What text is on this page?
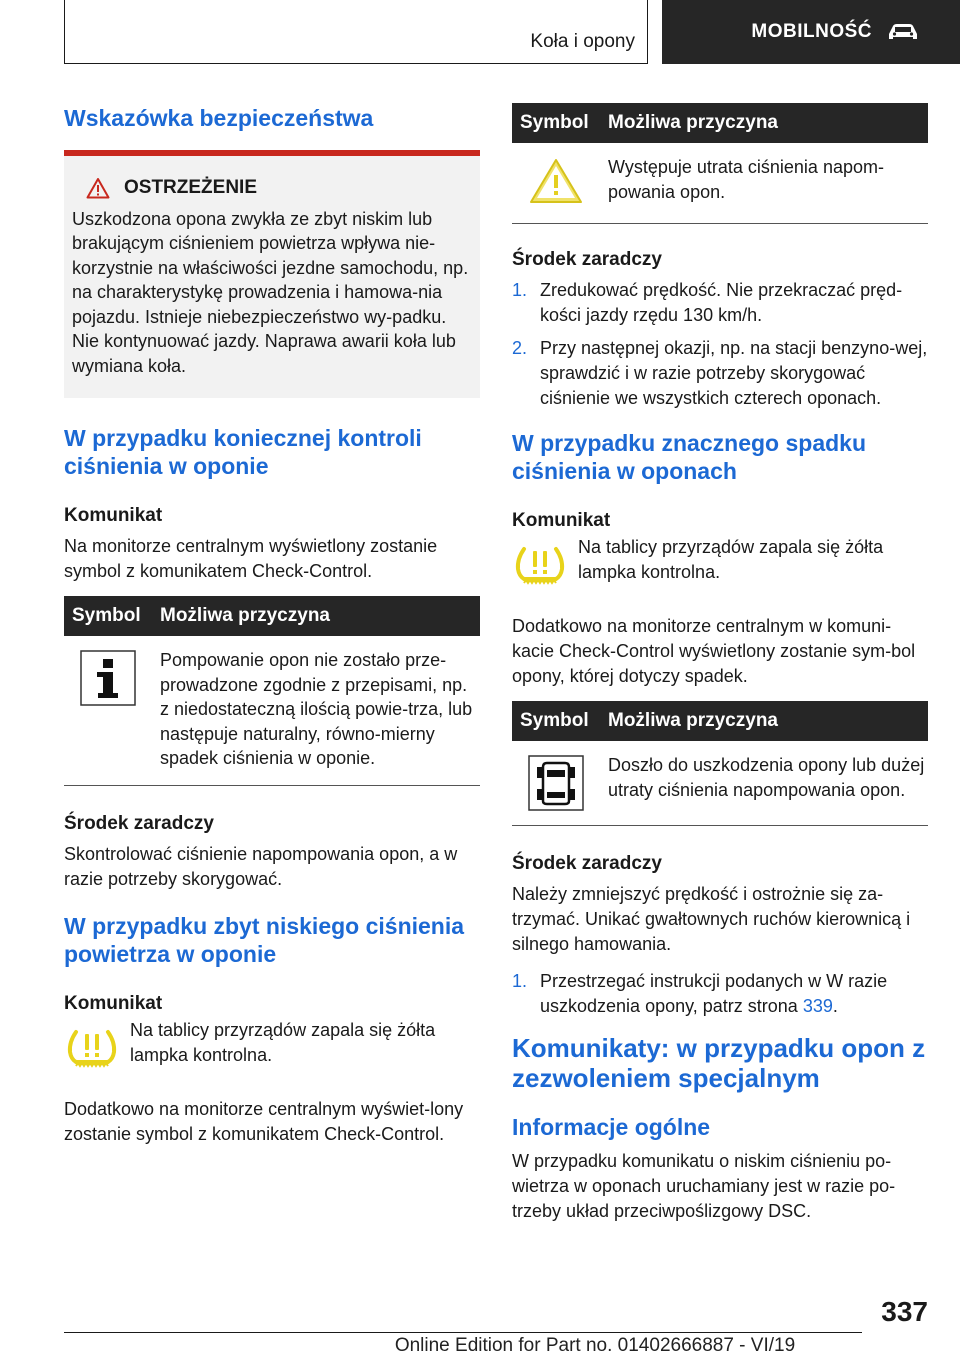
Koła i opony	MOBILNOŚĆ
Wskazówka bezpieczeństwa
OSTRZEŻENIE
Uszkodzona opona zwykła ze zbyt niskim lub brakującym ciśnieniem powietrza wpływa nie-korzystnie na właściwości jezdne samochodu, np. na charakterystykę prowadzenia i hamowa-nia pojazdu. Istnieje niebezpieczeństwo wy-padku. Nie kontynuować jazdy. Naprawa awarii koła lub wymiana koła.
W przypadku koniecznej kontroli ciśnienia w oponie

Komunikat

Na monitorze centralnym wyświetlony zostanie symbol z komunikatem Check-Control.

Symbol	Możliwa przyczyna
Pompowanie opon nie zostało prze-prowadzone zgodnie z przepisami, np. z niedostateczną ilością powie-trza, lub następuje naturalny, równo-mierny spadek ciśnienia w oponie.

Środek zaradczy

Skontrolować ciśnienie napompowania opon, a w razie potrzeby skorygować.

W przypadku zbyt niskiego ciśnienia powietrza w oponie

Komunikat

Na tablicy przyrządów zapala się żółta lampka kontrolna.

Dodatkowo na monitorze centralnym wyświet-lony zostanie symbol z komunikatem Check-Control.

Symbol	Możliwa przyczyna
Występuje utrata ciśnienia napom-powania opon.

Środek zaradczy

1. Zredukować prędkość. Nie przekraczać pręd-kości jazdy rzędu 130 km/h.
2. Przy następnej okazji, np. na stacji benzyno-wej, sprawdzić i w razie potrzeby skorygować ciśnienie we wszystkich czterech oponach.
W przypadku znacznego spadku ciśnienia w oponach

Komunikat

Na tablicy przyrządów zapala się żółta lampka kontrolna.

Dodatkowo na monitorze centralnym w komuni-kacie Check-Control wyświetlony zostanie sym-bol opony, której dotyczy spadek.

Symbol	Możliwa przyczyna
Doszło do uszkodzenia opony lub dużej utraty ciśnienia napompowania opon.

Środek zaradczy

Należy zmniejszyć prędkość i ostrożnie się za-trzymać. Unikać gwałtownych ruchów kierownicą i silnego hamowania.

1. Przestrzegać instrukcji podanych w W razie uszkodzenia opony, patrz strona 339.
Komunikaty: w przypadku opon z zezwoleniem specjalnym
Informacje ogólne

W przypadku komunikatu o niskim ciśnieniu po-wietrza w oponach uruchamiany jest w razie po-trzeby układ przeciwpoślizgowy DSC.

337
Online Edition for Part no. 01402666887 - VI/19
